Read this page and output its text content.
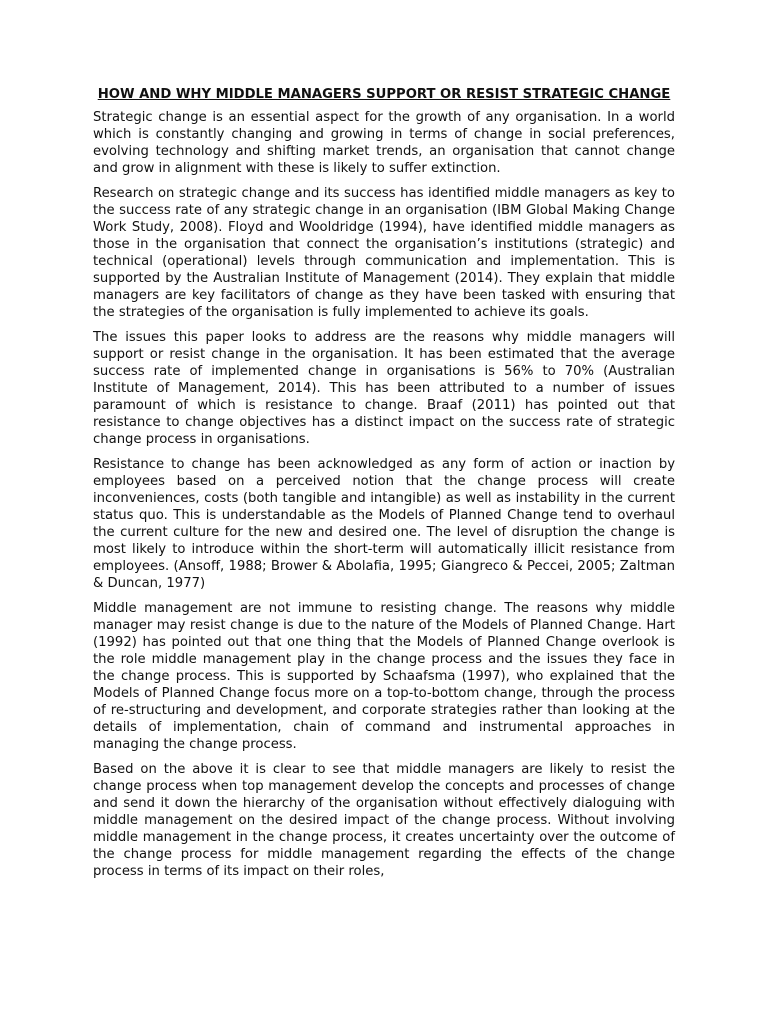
HOW AND WHY MIDDLE MANAGERS SUPPORT OR RESIST STRATEGIC CHANGE

Strategic change is an essential aspect for the growth of any organisation. In a world which is constantly changing and growing in terms of change in social preferences, evolving technology and shifting market trends, an organisation that cannot change and grow in alignment with these is likely to suffer extinction.

Research on strategic change and its success has identified middle managers as key to the success rate of any strategic change in an organisation (IBM Global Making Change Work Study, 2008). Floyd and Wooldridge (1994), have identified middle managers as those in the organisation that connect the organisation’s institutions (strategic) and technical (operational) levels through communication and implementation. This is supported by the Australian Institute of Management (2014). They explain that middle managers are key facilitators of change as they have been tasked with ensuring that the strategies of the organisation is fully implemented to achieve its goals.

The issues this paper looks to address are the reasons why middle managers will support or resist change in the organisation. It has been estimated that the average success rate of implemented change in organisations is 56% to 70% (Australian Institute of Management, 2014). This has been attributed to a number of issues paramount of which is resistance to change. Braaf (2011) has pointed out that resistance to change objectives has a distinct impact on the success rate of strategic change process in organisations.

Resistance to change has been acknowledged as any form of action or inaction by employees based on a perceived notion that the change process will create inconveniences, costs (both tangible and intangible) as well as instability in the current status quo. This is understandable as the Models of Planned Change tend to overhaul the current culture for the new and desired one. The level of disruption the change is most likely to introduce within the short-term will automatically illicit resistance from employees. (Ansoff, 1988; Brower & Abolafia, 1995; Giangreco & Peccei, 2005; Zaltman & Duncan, 1977)

Middle management are not immune to resisting change. The reasons why middle manager may resist change is due to the nature of the Models of Planned Change. Hart (1992) has pointed out that one thing that the Models of Planned Change overlook is the role middle management play in the change process and the issues they face in the change process. This is supported by Schaafsma (1997), who explained that the Models of Planned Change focus more on a top-to-bottom change, through the process of re-structuring and development, and corporate strategies rather than looking at the details of implementation, chain of command and instrumental approaches in managing the change process.

Based on the above it is clear to see that middle managers are likely to resist the change process when top management develop the concepts and processes of change and send it down the hierarchy of the organisation without effectively dialoguing with middle management on the desired impact of the change process. Without involving middle management in the change process, it creates uncertainty over the outcome of the change process for middle management regarding the effects of the change process in terms of its impact on their roles,
